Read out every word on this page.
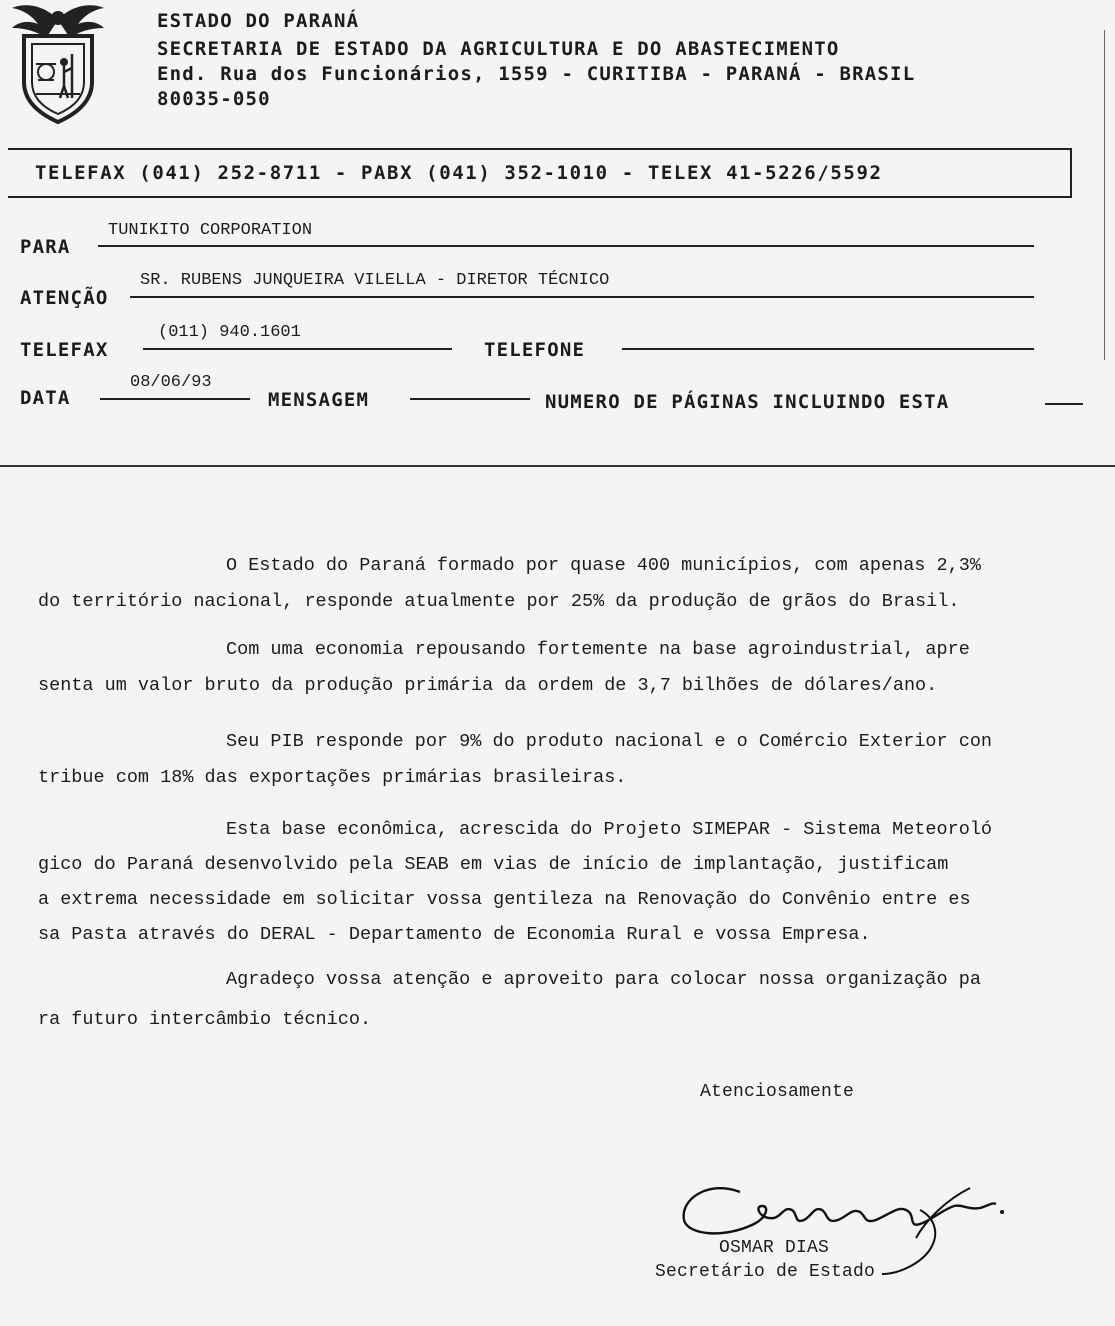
ESTADO DO PARANÁ
SECRETARIA DE ESTADO DA AGRICULTURA E DO ABASTECIMENTO
End. Rua dos Funcionários, 1559 - CURITIBA - PARANÁ - BRASIL
80035-050
TELEFAX (041) 252-8711 - PABX (041) 352-1010 - TELEX 41-5226/5592
PARA
TUNIKITO CORPORATION
ATENÇÃO
SR. RUBENS JUNQUEIRA VILELLA - DIRETOR TÉCNICO
TELEFAX
(011) 940.1601
TELEFONE
DATA
08/06/93
MENSAGEM	NUMERO DE PÁGINAS INCLUINDO ESTA
O Estado do Paraná formado por quase 400 municípios, com apenas 2,3%
do território nacional, responde atualmente por 25% da produção de grãos do Brasil.
Com uma economia repousando fortemente na base agroindustrial, apre
senta um valor bruto da produção primária da ordem de 3,7 bilhões de dólares/ano.
Seu PIB responde por 9% do produto nacional e o Comércio Exterior con
tribue com 18% das exportações primárias brasileiras.
Esta base econômica, acrescida do Projeto SIMEPAR - Sistema Meteoroló
gico do Paraná desenvolvido pela SEAB em vias de início de implantação, justificam
a extrema necessidade em solicitar vossa gentileza na Renovação do Convênio entre es
sa Pasta através do DERAL - Departamento de Economia Rural e vossa Empresa.
Agradeço vossa atenção e aproveito para colocar nossa organização pa
ra futuro intercâmbio técnico.
Atenciosamente
OSMAR DIAS
Secretário de Estado
